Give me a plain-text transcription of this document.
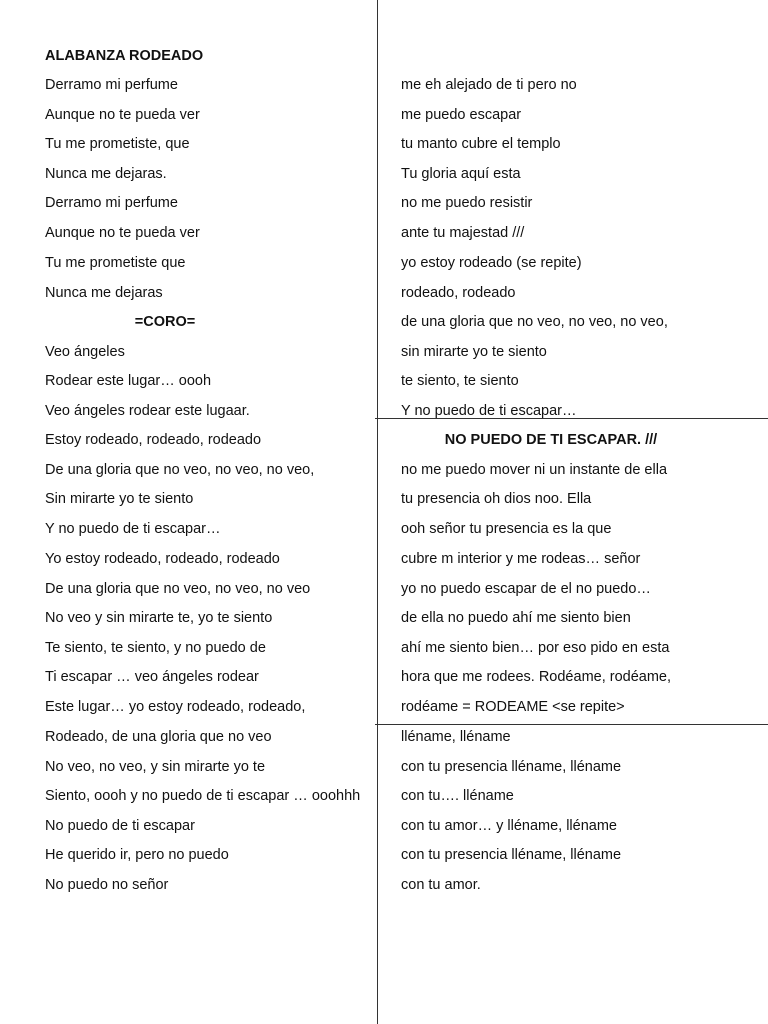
ALABANZA RODEADO
Derramo mi perfume
Aunque no te pueda ver
Tu me prometiste, que
Nunca me dejaras.
Derramo mi perfume
Aunque no te pueda ver
Tu me prometiste que
Nunca me dejaras
=CORO=
Veo ángeles
Rodear este lugar… oooh
Veo ángeles rodear este lugaar.
Estoy rodeado, rodeado, rodeado
De una gloria que no veo, no veo, no veo,
Sin mirarte yo te siento
Y no puedo de ti escapar…
Yo estoy rodeado, rodeado, rodeado
De una gloria que no veo, no veo, no veo
No veo y sin mirarte te, yo te siento
Te siento, te siento, y no puedo de
Ti escapar … veo ángeles rodear
Este lugar… yo estoy rodeado, rodeado,
Rodeado, de una gloria que no veo
No veo, no veo, y sin mirarte yo te
Siento, oooh y no puedo de ti escapar … ooohhh
No puedo de ti escapar
He querido ir, pero no puedo
No puedo no señor
me eh alejado de ti pero no
me puedo escapar
tu manto cubre el templo
Tu gloria aquí esta
no me puedo resistir
ante tu majestad ///
yo estoy rodeado (se repite)
rodeado, rodeado
de una gloria que no veo, no veo, no veo,
sin mirarte yo te siento
te siento, te siento
Y no puedo de ti escapar…
NO PUEDO DE TI ESCAPAR. ///
no me puedo mover ni un instante de ella
tu presencia oh dios noo. Ella
ooh señor tu presencia es la que
cubre m interior y me rodeas… señor
yo no puedo escapar de el no puedo…
de ella no puedo ahí me siento bien
ahí me siento bien… por eso pido en esta
hora que me rodees. Rodéame, rodéame,
rodéame = RODEAME <se repite>
lléname, lléname
con tu presencia lléname, lléname
con tu…. lléname
con tu amor… y lléname, lléname
con tu presencia lléname, lléname
con tu amor.
